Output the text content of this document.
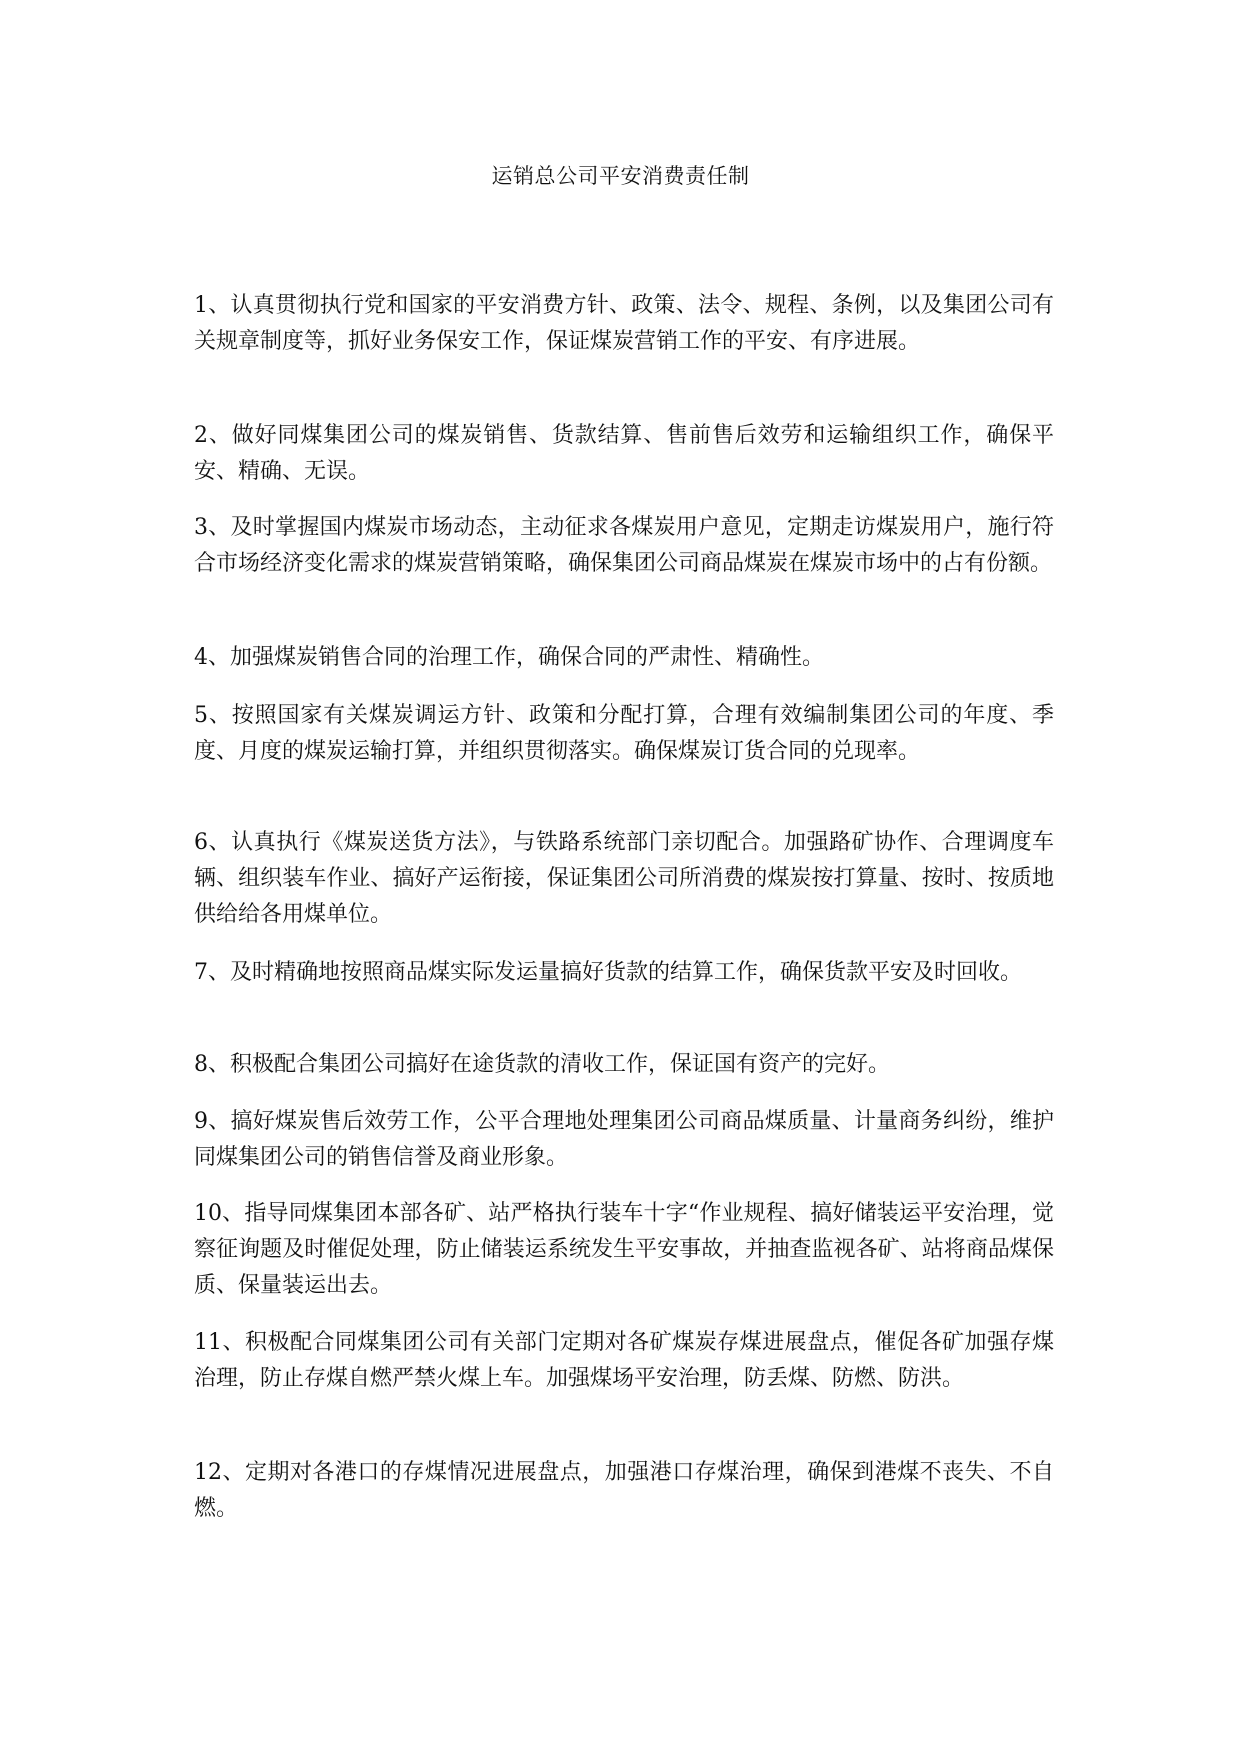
运销总公司平安消费责任制

1、认真贯彻执行党和国家的平安消费方针、政策、法令、规程、条例，以及集团公司有关规章制度等，抓好业务保安工作，保证煤炭营销工作的平安、有序进展。

2、做好同煤集团公司的煤炭销售、货款结算、售前售后效劳和运输组织工作，确保平安、精确、无误。

3、及时掌握国内煤炭市场动态，主动征求各煤炭用户意见，定期走访煤炭用户，施行符合市场经济变化需求的煤炭营销策略，确保集团公司商品煤炭在煤炭市场中的占有份额。

4、加强煤炭销售合同的治理工作，确保合同的严肃性、精确性。

5、按照国家有关煤炭调运方针、政策和分配打算，合理有效编制集团公司的年度、季度、月度的煤炭运输打算，并组织贯彻落实。确保煤炭订货合同的兑现率。

6、认真执行《煤炭送货方法》，与铁路系统部门亲切配合。加强路矿协作、合理调度车辆、组织装车作业、搞好产运衔接，保证集团公司所消费的煤炭按打算量、按时、按质地供给给各用煤单位。

7、及时精确地按照商品煤实际发运量搞好货款的结算工作，确保货款平安及时回收。

8、积极配合集团公司搞好在途货款的清收工作，保证国有资产的完好。

9、搞好煤炭售后效劳工作，公平合理地处理集团公司商品煤质量、计量商务纠纷，维护同煤集团公司的销售信誉及商业形象。

10、指导同煤集团本部各矿、站严格执行装车十字“作业规程、搞好储装运平安治理，觉察征询题及时催促处理，防止储装运系统发生平安事故，并抽查监视各矿、站将商品煤保质、保量装运出去。

11、积极配合同煤集团公司有关部门定期对各矿煤炭存煤进展盘点，催促各矿加强存煤治理，防止存煤自燃严禁火煤上车。加强煤场平安治理，防丢煤、防燃、防洪。

12、定期对各港口的存煤情况进展盘点，加强港口存煤治理，确保到港煤不丧失、不自燃。
